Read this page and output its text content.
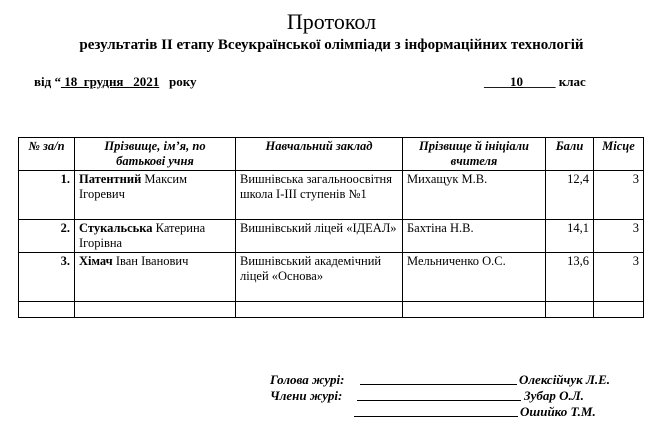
Протокол
результатів ІІ етапу Всеукраїнської олімпіади з інформаційних технологій
від “ 18  грудня   2021   року	____10_____ клас
№ за/п	Прізвище, ім’я, по батькові учня	Навчальний заклад	Прізвище й ініціали вчителя	Бали	Місце
1.	Патентний Максим Ігоревич	Вишнівська загальноосвітня школа І-ІІІ ступенів №1	Михащук М.В.	12,4	3
2.	Стукальська Катерина Ігорівна	Вишнівський ліцей «ІДЕАЛ»	Бахтіна Н.В.	14,1	3
3.	Хімач Іван Іванович	Вишнівський академічний ліцей «Основа»	Мельниченко О.С.	13,6	3

Голова журі:	Олексійчук Л.Е.
Члени журі:	Зубар О.Л.
Ошийко Т.М.
